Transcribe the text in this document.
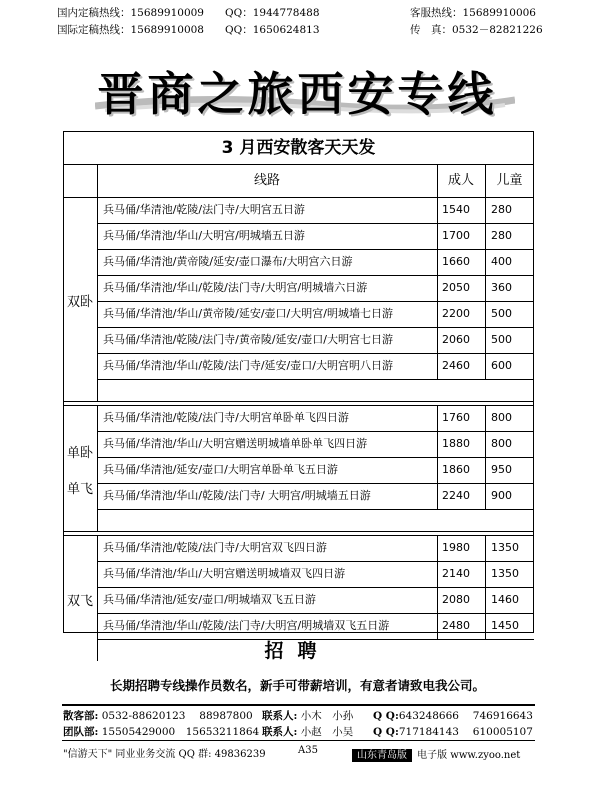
国内定稿热线：15689910009 QQ：1944778488	客服热线：15689910006
国际定稿热线：15689910008 QQ：1650624813	传　真：0532－82821226
晋商之旅西安专线
3 月西安散客天天发
线路	成人	儿童
兵马俑/华清池/乾陵/法门寺/大明宫五日游	1540 280
兵马俑/华清池/华山/大明宫/明城墙五日游	1700 280
兵马俑/华清池/黄帝陵/延安/壶口瀑布/大明宫六日游	1660 400
兵马俑/华清池/华山/乾陵/法门寺/大明宫/明城墙六日游	2050 360
兵马俑/华清池/华山/黄帝陵/延安/壶口/大明宫/明城墙七日游	2200 500
兵马俑/华清池/乾陵/法门寺/黄帝陵/延安/壶口/大明宫七日游	2060 500
兵马俑/华清池/华山/乾陵/法门寺/延安/壶口/大明宫明八日游	2460 600
双卧
兵马俑/华清池/乾陵/法门寺/大明宫单卧单飞四日游	1760 800
兵马俑/华清池/华山/大明宫赠送明城墙单卧单飞四日游	1880 800
兵马俑/华清池/延安/壶口/大明宫单卧单飞五日游	1860 950
兵马俑/华清池/华山/乾陵/法门寺/ 大明宫/明城墙五日游	2240 900
单卧
单飞
兵马俑/华清池/乾陵/法门寺/大明宫双飞四日游	1980 1350
兵马俑/华清池/华山/大明宫赠送明城墙双飞四日游	2140 1350
兵马俑/华清池/延安/壶口/明城墙双飞五日游	2080 1460
兵马俑/华清池/华山/乾陵/法门寺/大明宫/明城墙双飞五日游	2480 1450
双飞
招聘
长期招聘专线操作员数名，新手可带薪培训，有意者请致电我公司。
散客部: 0532-88620123　 88987800 联系人: 小木　小孙 Q Q:643248666　 746916643
团队部: 15505429000　15653211864 联系人: 小赵　小吴 Q Q:717184143　 610005107
"信游天下" 同业业务交流 QQ 群: 49836239	A35	山东青岛版 电子版 www.zyoo.net
